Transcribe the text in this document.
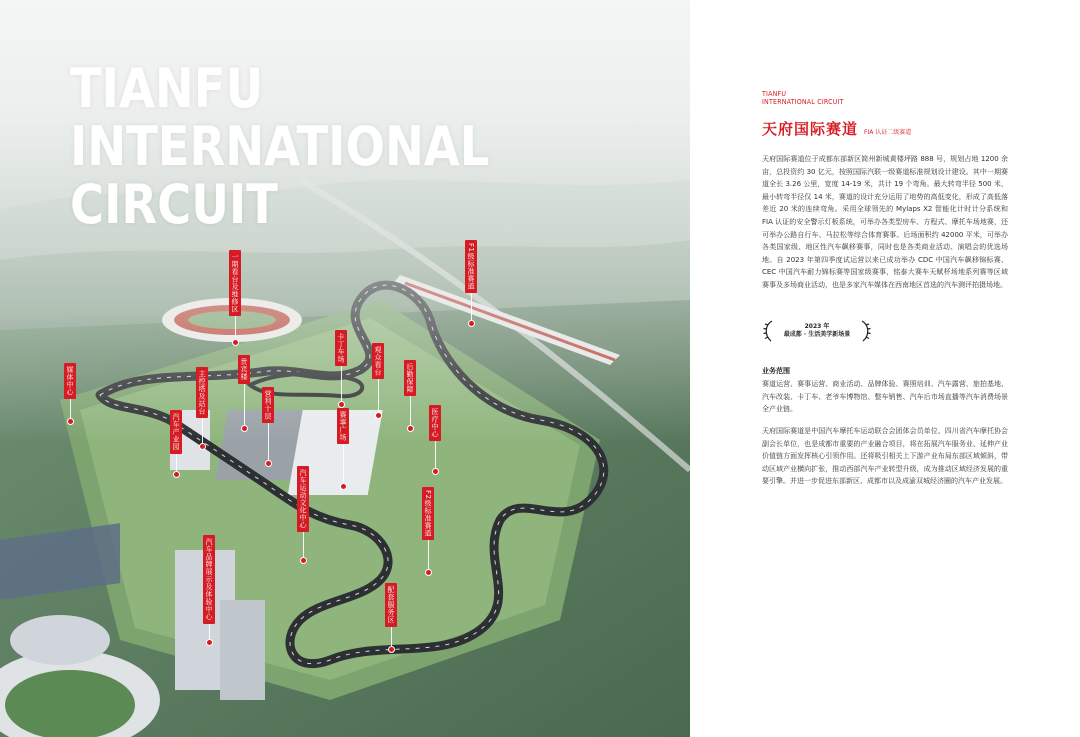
TIANFU
INTERNATIONAL
CIRCUIT
媒体中心
一期看台及维修区
主控塔及站台
贵宾楼
营利十层
卡丁车场
赛事广场
观众看台
后勤保障
医疗中心
汽车产业园
F1级标准赛道
F2级标准赛道
汽车运动文化中心
汽车品牌展示及体验中心	配套服务区
TIANFU
INTERNATIONAL CIRCUIT
天府国际赛道 FIA 认证二级赛道

天府国际赛道位于成都东部新区简州新城黄楼坪路 888 号，规划占地 1200 余亩，总投资约 30 亿元，按照国际汽联一级赛道标准规划设计建设。其中一期赛道全长 3.26 公里，宽度 14-19 米，共计 19 个弯角。最大转弯半径 500 米，最小转弯半径仅 14 米，赛道的设计充分运用了地势的高低变化，形成了高低落差近 20 米的连续弯角。采用全球领先的 Mylaps X2 智能化计时计分系统和 FIA 认证的安全警示灯板系统，可举办各类型房车、方程式、摩托车场地赛，还可举办公路自行车、马拉松等综合体育赛事。后场面积约 42000 平米，可举办各类国家级、地区性汽车飙移赛事，同时也是各类商业活动、演唱会的优选场地。自 2023 年第四季度试运营以来已成功举办 CDC 中国汽车飙移锦标赛、CEC 中国汽车耐力锦标赛等国家级赛事，铭泰大赛车天赋杯场地系列赛等区域赛事及多场商业活动，也是多家汽车媒体在西南地区首选的汽车测评拍摄场地。

2023 年
最成都 · 生活美学新场景
业务范围

赛道运营、赛事运营、商业活动、品牌体验、赛照培训、汽车露营、旅拍基地、汽车改装、卡丁车、老爷车博物馆、整车销售、汽车后市场直播等汽车消费场景全产业链。

天府国际赛道是中国汽车摩托车运动联合会团体会员单位、四川省汽车摩托协会副会长单位，也是成都市重要的产业融合项目，将在拓展汽车服务业、延伸产业价值链方面发挥核心引领作用。还将吸引相关上下游产业布局东部区域倾斜，带动区域产业横向扩张，推动西部汽车产业转型升级，成为推动区域经济发展的重要引擎。并进一步促进东部新区、成都市以及成渝双城经济圈的汽车产业发展。
